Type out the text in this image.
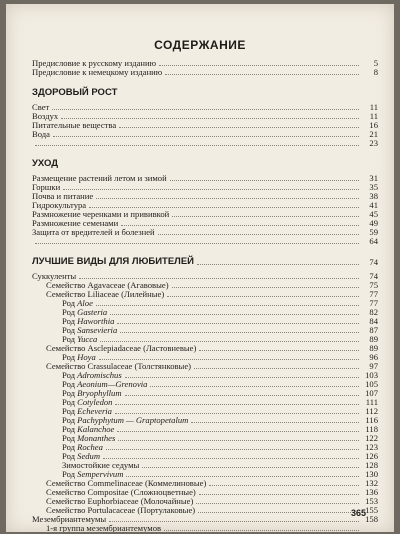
СОДЕРЖАНИЕ
Предисловие к русскому изданию	5
Предисловие к немецкому изданию	8
ЗДОРОВЫЙ РОСТ
Свет	11
Воздух	11
Питательные вещества	16
Вода	21
23
УХОД
Размещение растений летом и зимой	31
Горшки	35
Почва и питание	38
Гидрокультура	41
Размножение черенками и прививкой	45
Размножение семенами	49
Защита от вредителей и болезней	59
64
ЛУЧШИЕ ВИДЫ ДЛЯ ЛЮБИТЕЛЕЙ	74
Суккуленты	74
Семейство Agavaceae (Агавовые)	75
Семейство Liliaceae (Лилейные)	77
Род Aloe	77
Род Gasteria	82
Род Haworthia	84
Род Sansevieria	87
Род Yucca	89
Семейство Asclepiadaceae (Ластовневые)	89
Род Hoya	96
Семейство Crassulaceae (Толстянковые)	97
Род Adromischus	103
Род Aeonium—Grenovia	105
Род Bryophyllum	107
Род Cotyledon	111
Род Echeveria	112
Род Pachyphytum — Graptopetalum	116
Род Kalanchoe	118
Род Monanthes	122
Род Rochea	123
Род Sedum	126
Зимостойкие седумы	128
Род Sempervivum	130
Семейство Commelinaceae (Коммелиновые)	132
Семейство Compositae (Сложноцветные)	136
Семейство Euphorbiaceae (Молочайные)	153
Семейство Portulacaceae (Портулаковые)	155
Мезембриантемумы	158
1-я группа мезембриантемумов
365
